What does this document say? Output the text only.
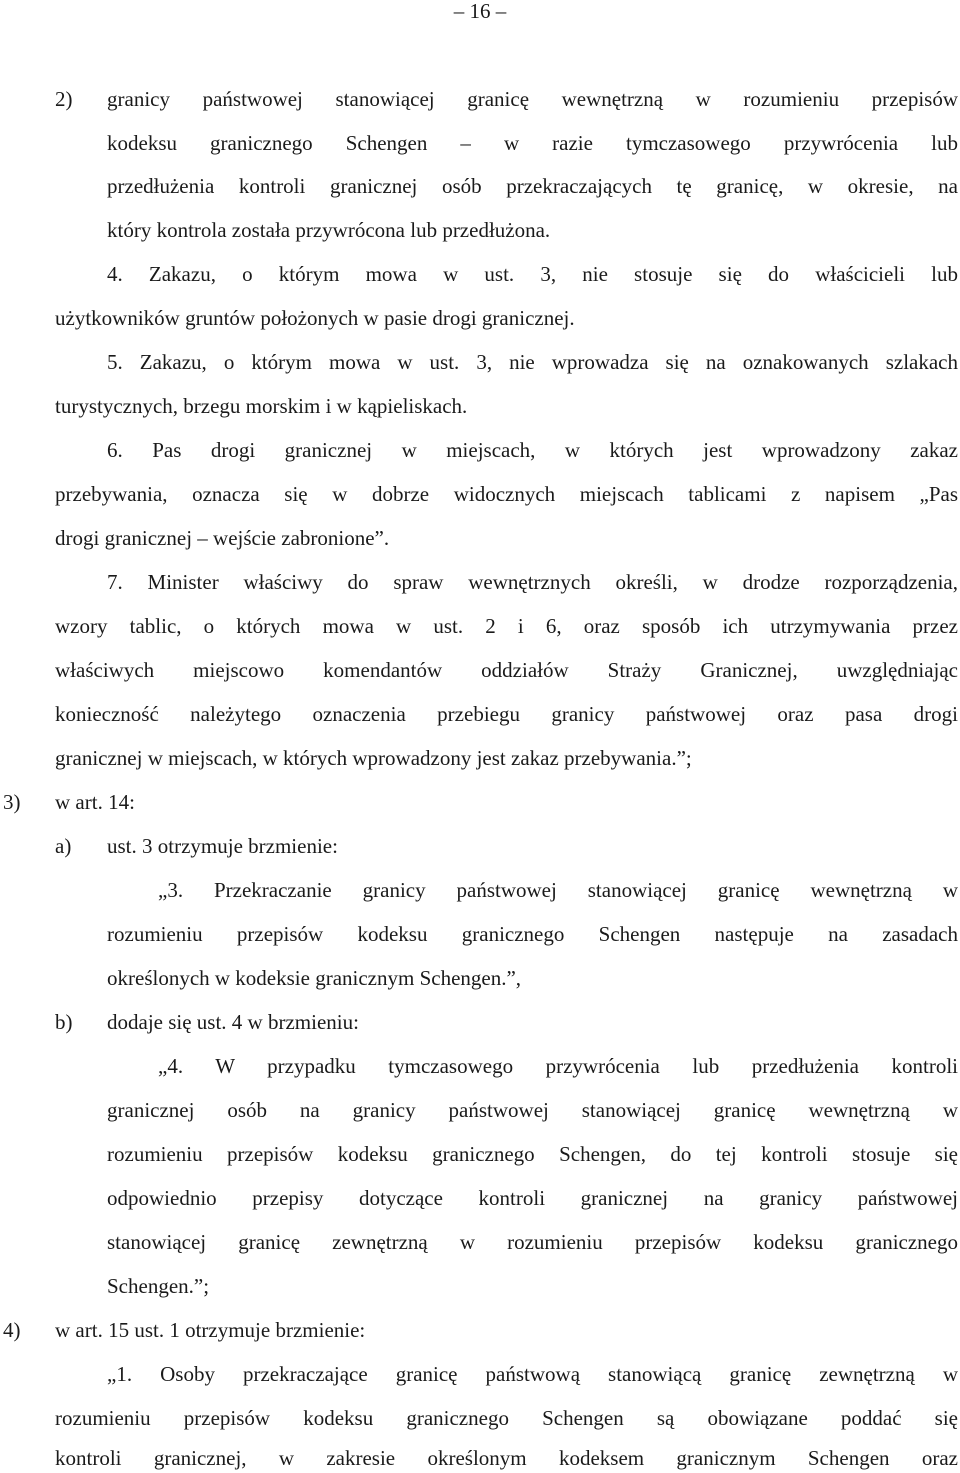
– 16 –
2) granicy państwowej stanowiącej granicę wewnętrzną w rozumieniu przepisów
kodeksu granicznego Schengen – w razie tymczasowego przywrócenia lub
przedłużenia kontroli granicznej osób przekraczających tę granicę, w okresie, na
który kontrola została przywrócona lub przedłużona.
4. Zakazu, o którym mowa w ust. 3, nie stosuje się do właścicieli lub
użytkowników gruntów położonych w pasie drogi granicznej.
5. Zakazu, o którym mowa w ust. 3, nie wprowadza się na oznakowanych szlakach
turystycznych, brzegu morskim i w kąpieliskach.
6. Pas drogi granicznej w miejscach, w których jest wprowadzony zakaz
przebywania, oznacza się w dobrze widocznych miejscach tablicami z napisem „Pas
drogi granicznej – wejście zabronione”.
7. Minister właściwy do spraw wewnętrznych określi, w drodze rozporządzenia,
wzory tablic, o których mowa w ust. 2 i 6, oraz sposób ich utrzymywania przez
właściwych miejscowo komendantów oddziałów Straży Granicznej, uwzględniając
konieczność należytego oznaczenia przebiegu granicy państwowej oraz pasa drogi
granicznej w miejscach, w których wprowadzony jest zakaz przebywania.”;
3) w art. 14:
a) ust. 3 otrzymuje brzmienie:
„3. Przekraczanie granicy państwowej stanowiącej granicę wewnętrzną w
rozumieniu przepisów kodeksu granicznego Schengen następuje na zasadach
określonych w kodeksie granicznym Schengen.”,
b) dodaje się ust. 4 w brzmieniu:
„4. W przypadku tymczasowego przywrócenia lub przedłużenia kontroli
granicznej osób na granicy państwowej stanowiącej granicę wewnętrzną w
rozumieniu przepisów kodeksu granicznego Schengen, do tej kontroli stosuje się
odpowiednio przepisy dotyczące kontroli granicznej na granicy państwowej
stanowiącej granicę zewnętrzną w rozumieniu przepisów kodeksu granicznego
Schengen.”;
4) w art. 15 ust. 1 otrzymuje brzmienie:
„1. Osoby przekraczające granicę państwową stanowiącą granicę zewnętrzną w
rozumieniu przepisów kodeksu granicznego Schengen są obowiązane poddać się
kontroli granicznej, w zakresie określonym kodeksem granicznym Schengen oraz
